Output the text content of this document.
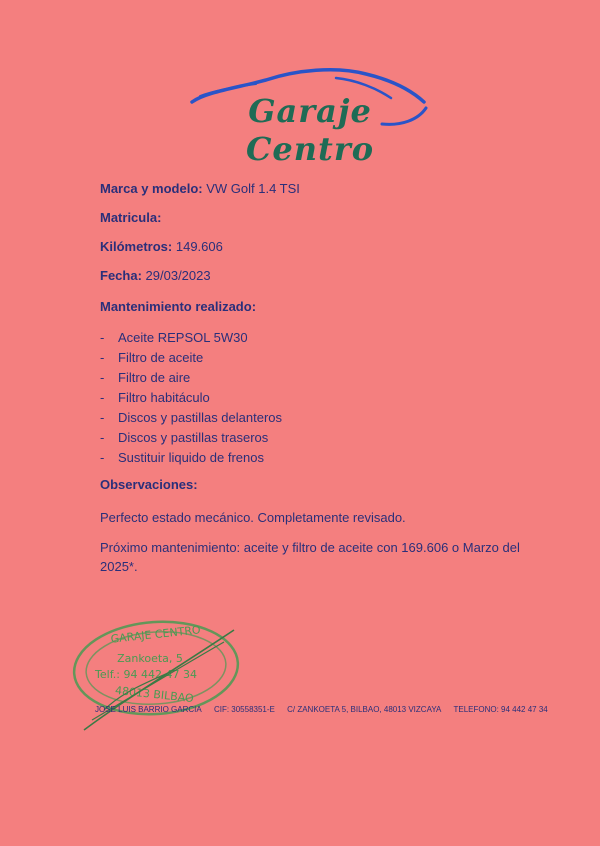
Garaje Centro
Marca y modelo: VW Golf 1.4 TSI
Matricula:
Kilómetros: 149.606
Fecha: 29/03/2023
Mantenimiento realizado:
- Aceite REPSOL 5W30
- Filtro de aceite
- Filtro de aire
- Filtro habitáculo
- Discos y pastillas delanteros
- Discos y pastillas traseros
- Sustituir liquido de frenos
Observaciones:
Perfecto estado mecánico. Completamente revisado.
Próximo mantenimiento: aceite y filtro de aceite con 169.606 o Marzo del 2025*.
GARAJE CENTRO
Zankoeta, 5
Telf.: 94 442 47 34
48013 BILBAO
JOSE LUIS BARRIO GARCIA CIF: 30558351-E C/ ZANKOETA 5, BILBAO, 48013 VIZCAYA TELEFONO: 94 442 47 34
